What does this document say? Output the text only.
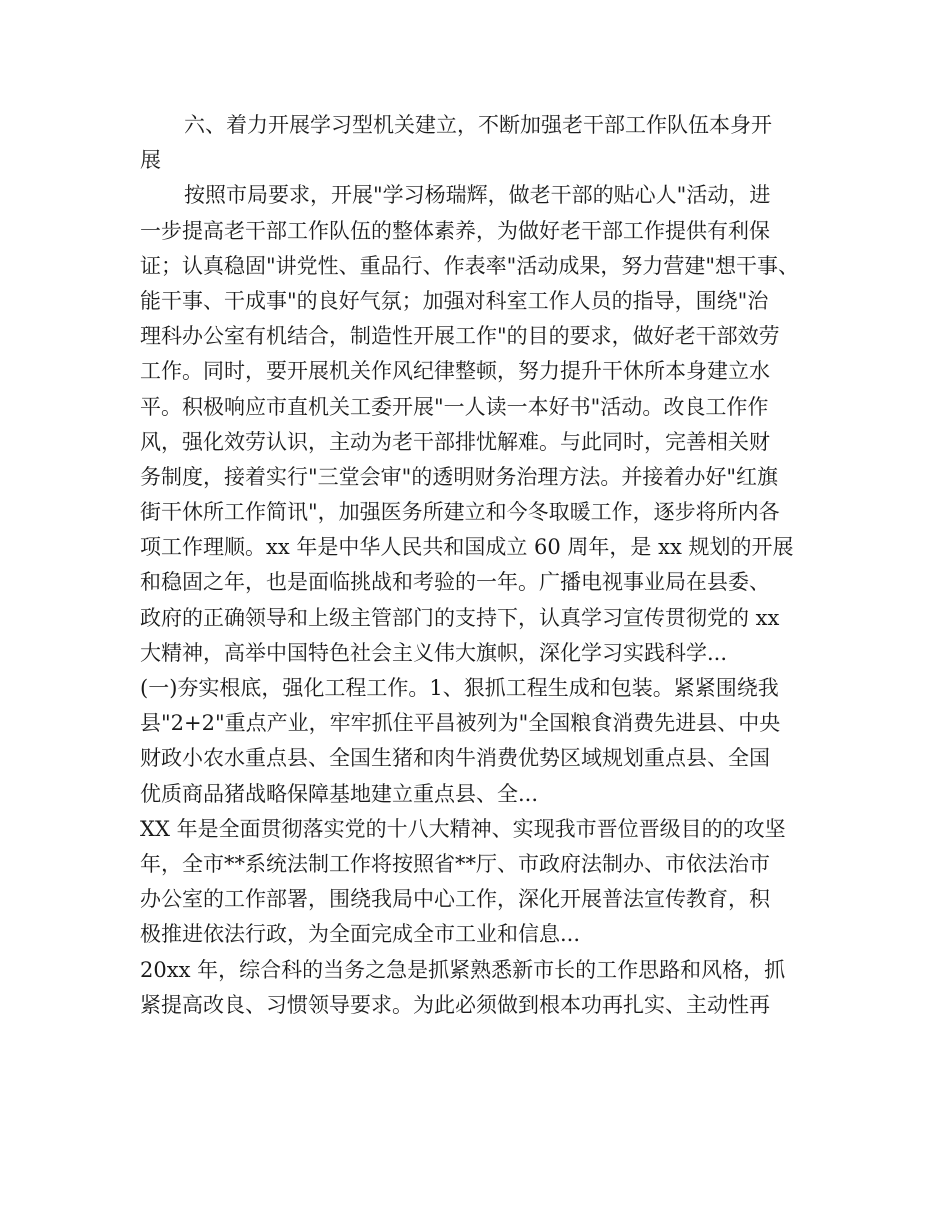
六、着力开展学习型机关建立，不断加强老干部工作队伍本身开
展
按照市局要求，开展"学习杨瑞辉，做老干部的贴心人"活动，进
一步提高老干部工作队伍的整体素养，为做好老干部工作提供有利保
证；认真稳固"讲党性、重品行、作表率"活动成果，努力营建"想干事、
能干事、干成事"的良好气氛；加强对科室工作人员的指导，围绕"治
理科办公室有机结合，制造性开展工作"的目的要求，做好老干部效劳
工作。同时，要开展机关作风纪律整顿，努力提升干休所本身建立水
平。积极响应市直机关工委开展"一人读一本好书"活动。改良工作作
风，强化效劳认识，主动为老干部排忧解难。与此同时，完善相关财
务制度，接着实行"三堂会审"的透明财务治理方法。并接着办好"红旗
街干休所工作简讯"，加强医务所建立和今冬取暖工作，逐步将所内各
项工作理顺。xx 年是中华人民共和国成立 60 周年，是 xx 规划的开展
和稳固之年，也是面临挑战和考验的一年。广播电视事业局在县委、
政府的正确领导和上级主管部门的支持下，认真学习宣传贯彻党的 xx
大精神，高举中国特色社会主义伟大旗帜，深化学习实践科学...
(一)夯实根底，强化工程工作。1、狠抓工程生成和包装。紧紧围绕我
县"2+2"重点产业，牢牢抓住平昌被列为"全国粮食消费先进县、中央
财政小农水重点县、全国生猪和肉牛消费优势区域规划重点县、全国
优质商品猪战略保障基地建立重点县、全...
XX 年是全面贯彻落实党的十八大精神、实现我市晋位晋级目的的攻坚
年，全市**系统法制工作将按照省**厅、市政府法制办、市依法治市
办公室的工作部署，围绕我局中心工作，深化开展普法宣传教育，积
极推进依法行政，为全面完成全市工业和信息...
20xx 年，综合科的当务之急是抓紧熟悉新市长的工作思路和风格，抓
紧提高改良、习惯领导要求。为此必须做到根本功再扎实、主动性再
